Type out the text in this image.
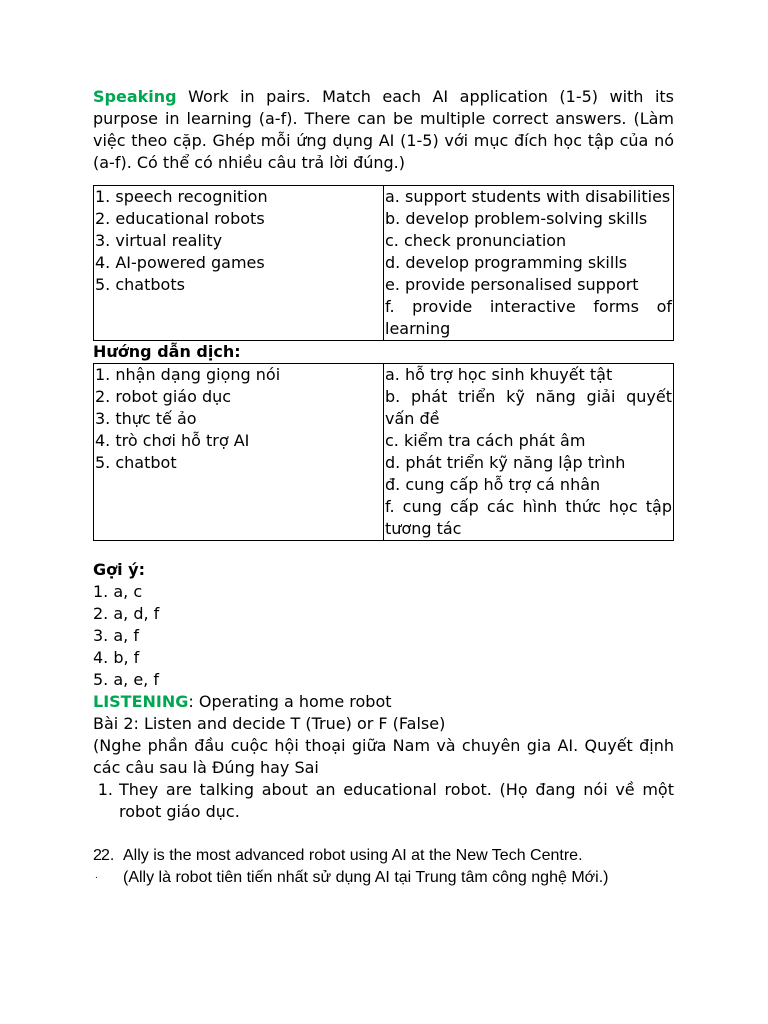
Speaking Work in pairs. Match each AI application (1-5) with its purpose in learning (a-f). There can be multiple correct answers. (Làm việc theo cặp. Ghép mỗi ứng dụng AI (1-5) với mục đích học tập của nó (a-f). Có thể có nhiều câu trả lời đúng.)

1. speech recognition
2. educational robots
3. virtual reality
4. AI-powered games
5. chatbots

a. support students with disabilities
b. develop problem-solving skills
c. check pronunciation
d. develop programming skills
e. provide personalised support
f. provide interactive forms of learning

Hướng dẫn dịch:

1. nhận dạng giọng nói
2. robot giáo dục
3. thực tế ảo
4. trò chơi hỗ trợ AI
5. chatbot

a. hỗ trợ học sinh khuyết tật
b. phát triển kỹ năng giải quyết vấn đề
c. kiểm tra cách phát âm
d. phát triển kỹ năng lập trình
đ. cung cấp hỗ trợ cá nhân
f. cung cấp các hình thức học tập tương tác

Gợi ý:

1. a, c

2. a, d, f

3. a, f

4. b, f

5. a, e, f

LISTENING: Operating a home robot

Bài 2: Listen and decide T (True) or F (False)

(Nghe phần đầu cuộc hội thoại giữa Nam và chuyên gia AI. Quyết định các câu sau là Đúng hay Sai

1. They are talking about an educational robot. (Họ đang nói về một robot giáo dục.
2 2.
.
Ally is the most advanced robot using AI at the New Tech Centre.
(Ally là robot tiên tiến nhất sử dụng AI tại Trung tâm công nghệ Mới.)
